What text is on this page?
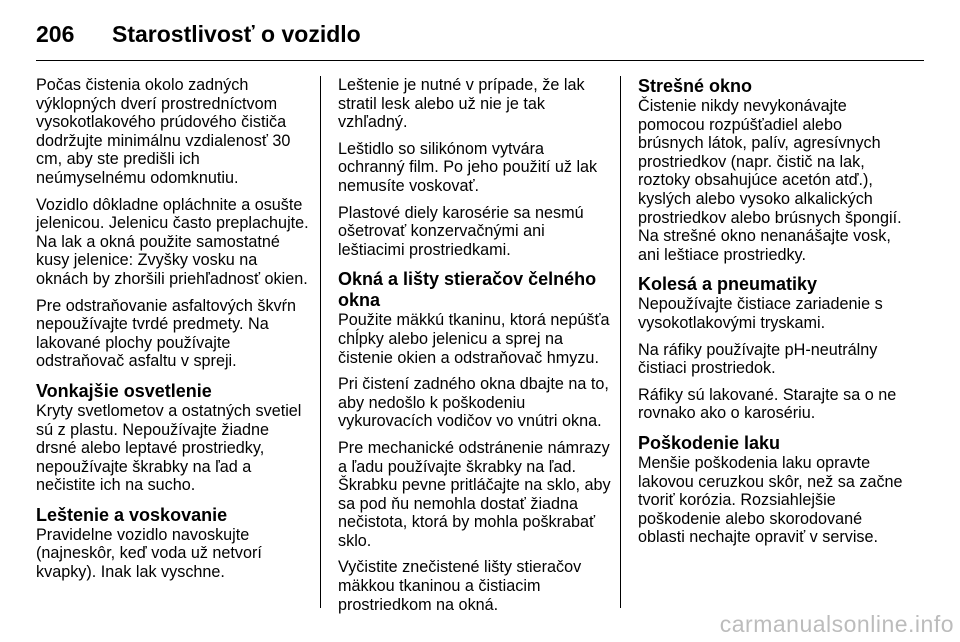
206	Starostlivosť o vozidlo

Počas čistenia okolo zadných výklopných dverí prostredníctvom vysokotlakového prúdového čističa dodržujte minimálnu vzdialenosť 30 cm, aby ste predišli ich neúmyselnému odomknutiu.

Vozidlo dôkladne opláchnite a osušte jelenicou. Jelenicu často preplachujte. Na lak a okná použite samostatné kusy jelenice: Zvyšky vosku na oknách by zhoršili priehľadnosť okien.

Pre odstraňovanie asfaltových škvŕn nepoužívajte tvrdé predmety. Na lakované plochy používajte odstraňovač asfaltu v spreji.

Vonkajšie osvetlenie

Kryty svetlometov a ostatných svetiel sú z plastu. Nepoužívajte žiadne drsné alebo leptavé prostriedky, nepoužívajte škrabky na ľad a nečistite ich na sucho.

Leštenie a voskovanie

Pravidelne vozidlo navoskujte (najneskôr, keď voda už netvorí kvapky). Inak lak vyschne.

Leštenie je nutné v prípade, že lak stratil lesk alebo už nie je tak vzhľadný.

Leštidlo so silikónom vytvára ochranný film. Po jeho použití už lak nemusíte voskovať.

Plastové diely karosérie sa nesmú ošetrovať konzervačnými ani leštiacimi prostriedkami.

Okná a lišty stieračov čelného okna

Použite mäkkú tkaninu, ktorá nepúšťa chĺpky alebo jelenicu a sprej na čistenie okien a odstraňovač hmyzu.

Pri čistení zadného okna dbajte na to, aby nedošlo k poškodeniu vykurovacích vodičov vo vnútri okna.

Pre mechanické odstránenie námrazy a ľadu používajte škrabky na ľad. Škrabku pevne pritláčajte na sklo, aby sa pod ňu nemohla dostať žiadna nečistota, ktorá by mohla poškrabať sklo.

Vyčistite znečistené lišty stieračov mäkkou tkaninou a čistiacim prostriedkom na okná.

Strešné okno

Čistenie nikdy nevykonávajte pomocou rozpúšťadiel alebo brúsnych látok, palív, agresívnych prostriedkov (napr. čistič na lak, roztoky obsahujúce acetón atď.), kyslých alebo vysoko alkalických prostriedkov alebo brúsnych špongií. Na strešné okno nenanášajte vosk, ani leštiace prostriedky.

Kolesá a pneumatiky

Nepoužívajte čistiace zariadenie s vysokotlakovými tryskami.

Na ráfiky používajte pH-neutrálny čistiaci prostriedok.

Ráfiky sú lakované. Starajte sa o ne rovnako ako o karosériu.

Poškodenie laku

Menšie poškodenia laku opravte lakovou ceruzkou skôr, než sa začne tvoriť korózia. Rozsiahlejšie poškodenie alebo skorodované oblasti nechajte opraviť v servise.

carmanualsonline.info
